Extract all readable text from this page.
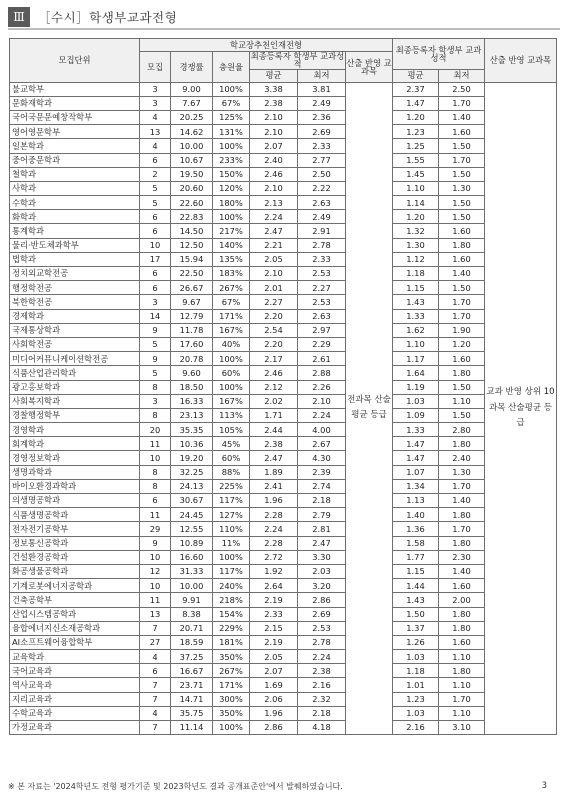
Ⅲ	［수시］학생부교과전형
모집단위	학교장추천인재전형						최종등록자 학생부 교과성적		산출 반영 교과목
	모집	경쟁률	충원율	최종등록자 학생부 교과성적		산출 반영 교과목			
				평균	최저		평균	최저	
불교학부	3	9.00	100%	3.38	3.81	전과목 산술평균 등급	2.37	2.50	교과 반영 상위 10과목 산술평균 등급
문화재학과	3	7.67	67%	2.38	2.49		1.47	1.70	
국어국문문예창작학부	4	20.25	125%	2.10	2.36		1.20	1.40	
영어영문학부	13	14.62	131%	2.10	2.69		1.23	1.60	
일본학과	4	10.00	100%	2.07	2.33		1.25	1.50	
중어중문학과	6	10.67	233%	2.40	2.77		1.55	1.70	
철학과	2	19.50	150%	2.46	2.50		1.45	1.50	
사학과	5	20.60	120%	2.10	2.22		1.10	1.30	
수학과	5	22.60	180%	2.13	2.63		1.14	1.50	
화학과	6	22.83	100%	2.24	2.49		1.20	1.50	
통계학과	6	14.50	217%	2.47	2.91		1.32	1.60	
물리·반도체과학부	10	12.50	140%	2.21	2.78		1.30	1.80	
법학과	17	15.94	135%	2.05	2.33		1.12	1.60	
정치외교학전공	6	22.50	183%	2.10	2.53		1.18	1.40	
행정학전공	6	26.67	267%	2.01	2.27		1.15	1.50	
북한학전공	3	9.67	67%	2.27	2.53		1.43	1.70	
경제학과	14	12.79	171%	2.20	2.63		1.33	1.70	
국제통상학과	9	11.78	167%	2.54	2.97		1.62	1.90	
사회학전공	5	17.60	40%	2.20	2.29		1.10	1.20	
미디어커뮤니케이션학전공	9	20.78	100%	2.17	2.61		1.17	1.60	
식품산업관리학과	5	9.60	60%	2.46	2.88		1.64	1.80	
광고홍보학과	8	18.50	100%	2.12	2.26		1.19	1.50	
사회복지학과	3	16.33	167%	2.02	2.10		1.03	1.10	
경찰행정학부	8	23.13	113%	1.71	2.24		1.09	1.50	
경영학과	20	35.35	105%	2.44	4.00		1.33	2.80	
회계학과	11	10.36	45%	2.38	2.67		1.47	1.80	
경영정보학과	10	19.20	60%	2.47	4.30		1.47	2.40	
생명과학과	8	32.25	88%	1.89	2.39		1.07	1.30	
바이오환경과학과	8	24.13	225%	2.41	2.74		1.34	1.70	
의생명공학과	6	30.67	117%	1.96	2.18		1.13	1.40	
식품생명공학과	11	24.45	127%	2.28	2.79		1.40	1.80	
전자전기공학부	29	12.55	110%	2.24	2.81		1.36	1.70	
정보통신공학과	9	10.89	11%	2.28	2.47		1.58	1.80	
건설환경공학과	10	16.60	100%	2.72	3.30		1.77	2.30	
화공생물공학과	12	31.33	117%	1.92	2.03		1.15	1.40	
기계로봇에너지공학과	10	10.00	240%	2.64	3.20		1.44	1.60	
건축공학부	11	9.91	218%	2.19	2.86		1.43	2.00	
산업시스템공학과	13	8.38	154%	2.33	2.69		1.50	1.80	
융합에너지신소재공학과	7	20.71	229%	2.15	2.53		1.37	1.80	
AI소프트웨어융합학부	27	18.59	181%	2.19	2.78		1.26	1.60	
교육학과	4	37.25	350%	2.05	2.24		1.03	1.10	
국어교육과	6	16.67	267%	2.07	2.38		1.18	1.80	
역사교육과	7	23.71	171%	1.69	2.16		1.01	1.10	
지리교육과	7	14.71	300%	2.06	2.32		1.23	1.70	
수학교육과	4	35.75	350%	1.96	2.18		1.03	1.10	
가정교육과	7	11.14	100%	2.86	4.18		2.16	3.10	
※ 본 자료는 '2024학년도 전형 평가기준 및 2023학년도 결과 공개표준안'에서 발췌하였습니다.	3
